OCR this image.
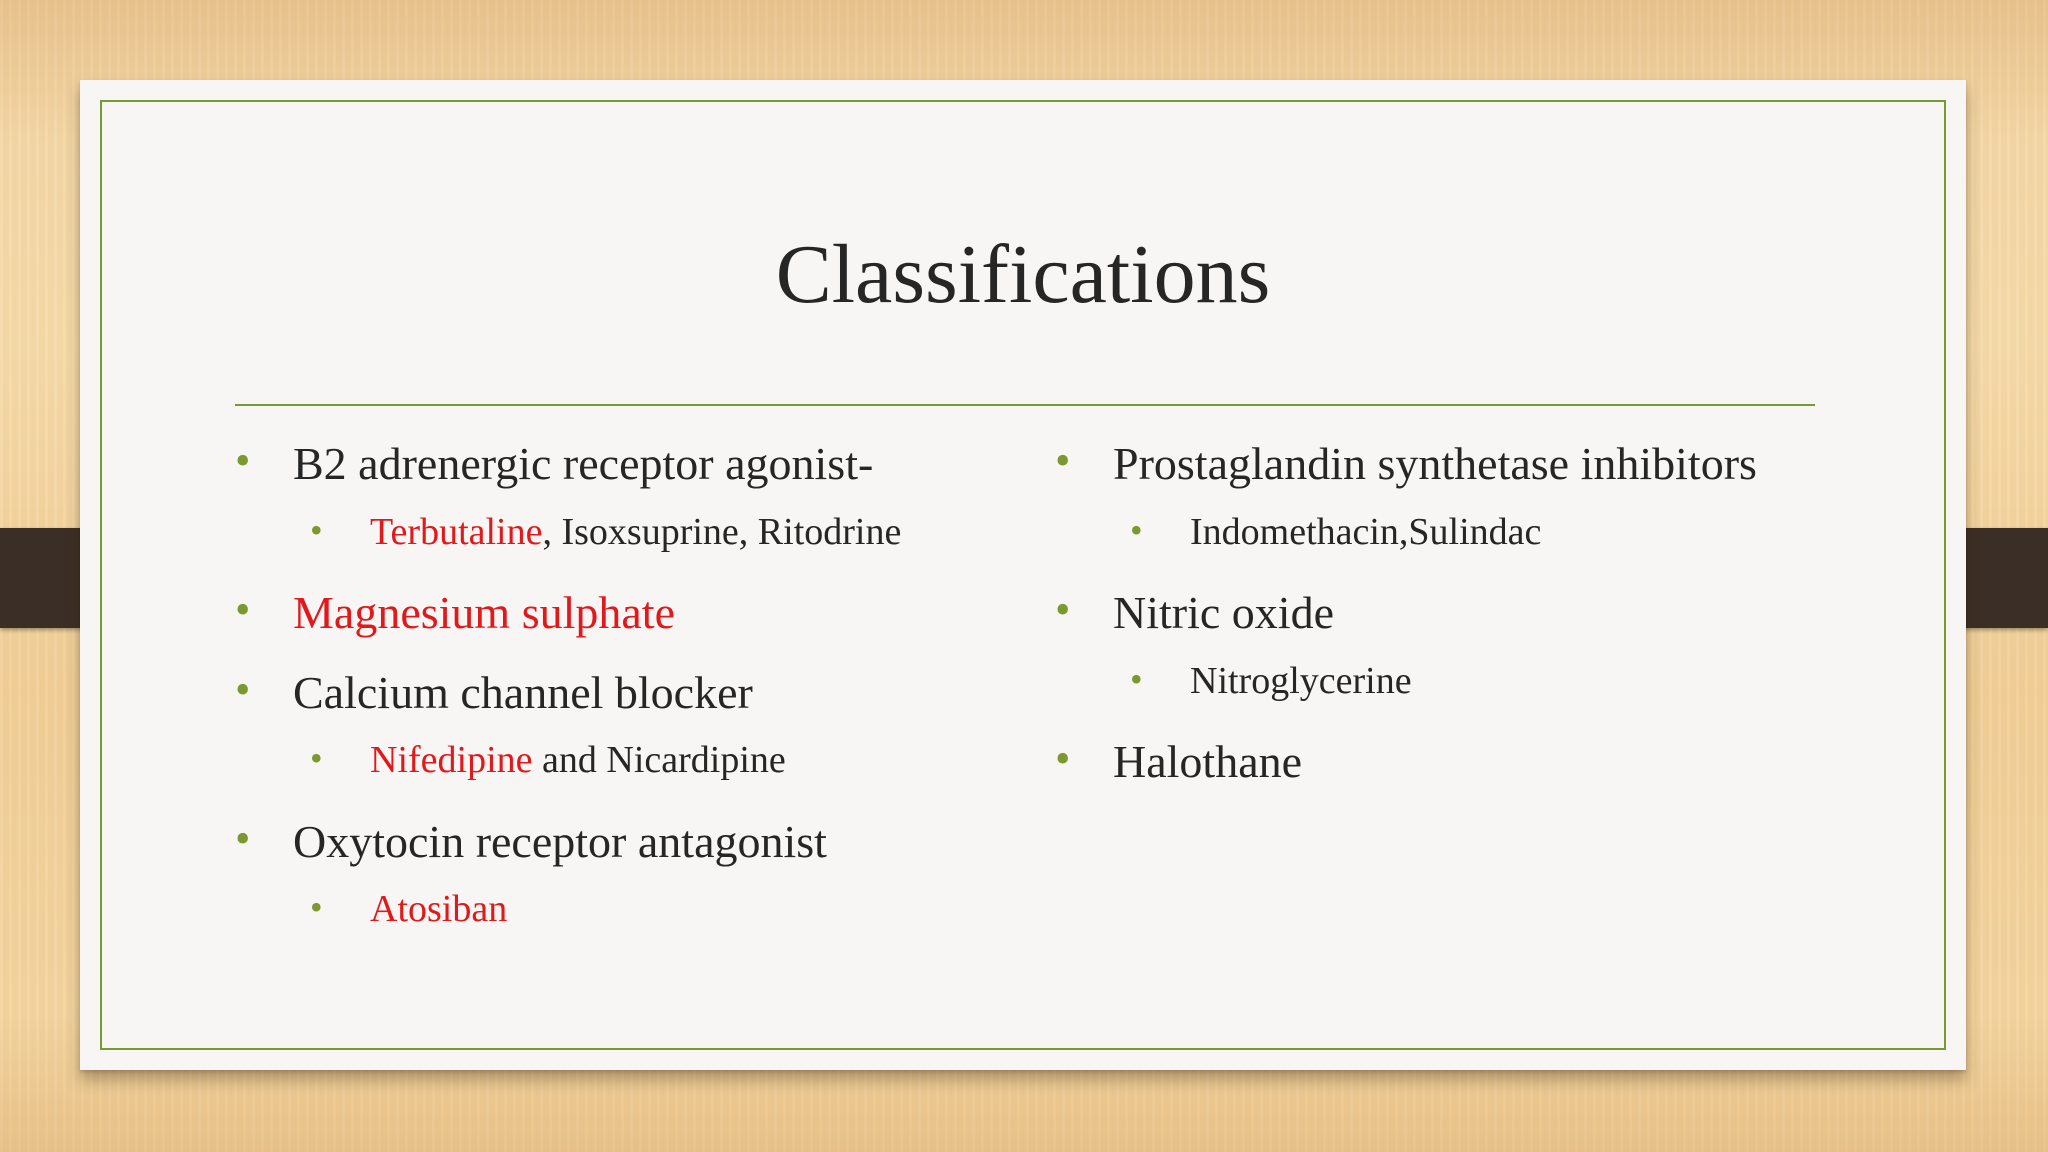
Classifications
• B2 adrenergic receptor agonist-
• Terbutaline, Isoxsuprine, Ritodrine
• Magnesium sulphate
• Calcium channel blocker
• Nifedipine and Nicardipine
• Oxytocin receptor antagonist
• Atosiban
• Prostaglandin synthetase inhibitors
• Indomethacin,Sulindac
• Nitric oxide
• Nitroglycerine
• Halothane
